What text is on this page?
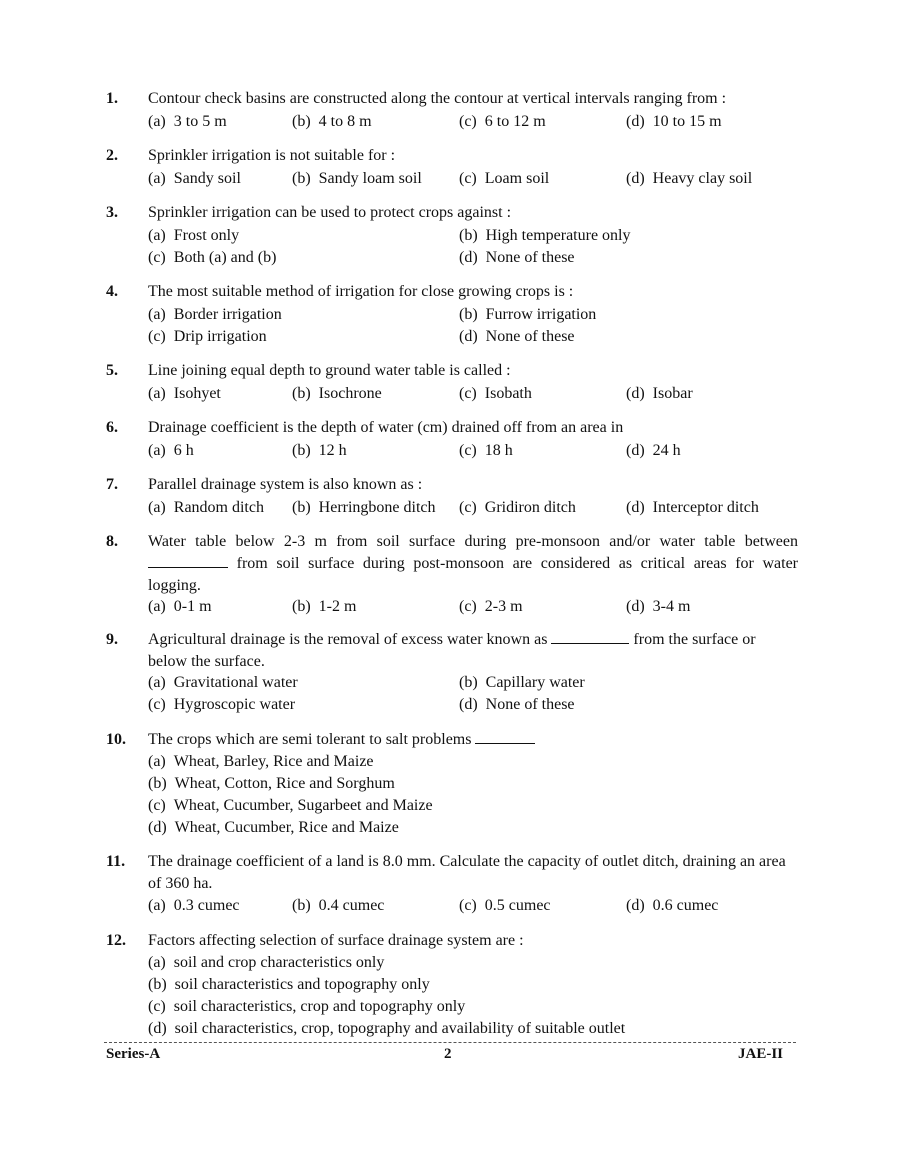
1. Contour check basins are constructed along the contour at vertical intervals ranging from :
(a) 3 to 5 m	(b) 4 to 8 m	(c) 6 to 12 m	(d) 10 to 15 m
2. Sprinkler irrigation is not suitable for :
(a) Sandy soil	(b) Sandy loam soil (c) Loam soil	(d) Heavy clay soil
3. Sprinkler irrigation can be used to protect crops against :
(a) Frost only	(b) High temperature only
(c) Both (a) and (b)	(d) None of these
4. The most suitable method of irrigation for close growing crops is :
(a) Border irrigation	(b) Furrow irrigation
(c) Drip irrigation	(d) None of these
5. Line joining equal depth to ground water table is called :
(a) Isohyet	(b) Isochrone	(c) Isobath	(d) Isobar
6. Drainage coefficient is the depth of water (cm) drained off from an area in
(a) 6 h	(b) 12 h	(c) 18 h	(d) 24 h
7. Parallel drainage system is also known as :
(a) Random ditch (b) Herringbone ditch (c) Gridiron ditch	(d) Interceptor ditch
8. Water table below 2-3 m from soil surface during pre-monsoon and/or water table between  from soil surface during post-monsoon are considered as critical areas for water logging.
(a) 0-1 m	(b) 1-2 m	(c) 2-3 m	(d) 3-4 m
9. Agricultural drainage is the removal of excess water known as	from the surface or below the surface.
(a) Gravitational water	(b) Capillary water
(c) Hygroscopic water	(d) None of these
10. The crops which are semi tolerant to salt problems
(a) Wheat, Barley, Rice and Maize
(b) Wheat, Cotton, Rice and Sorghum
(c) Wheat, Cucumber, Sugarbeet and Maize
(d) Wheat, Cucumber, Rice and Maize
11. The drainage coefficient of a land is 8.0 mm. Calculate the capacity of outlet ditch, draining an area of 360 ha.
(a) 0.3 cumec	(b) 0.4 cumec	(c) 0.5 cumec	(d) 0.6 cumec
12. Factors affecting selection of surface drainage system are :
(a) soil and crop characteristics only
(b) soil characteristics and topography only
(c) soil characteristics, crop and topography only
(d) soil characteristics, crop, topography and availability of suitable outlet
Series-A	2	JAE-II
